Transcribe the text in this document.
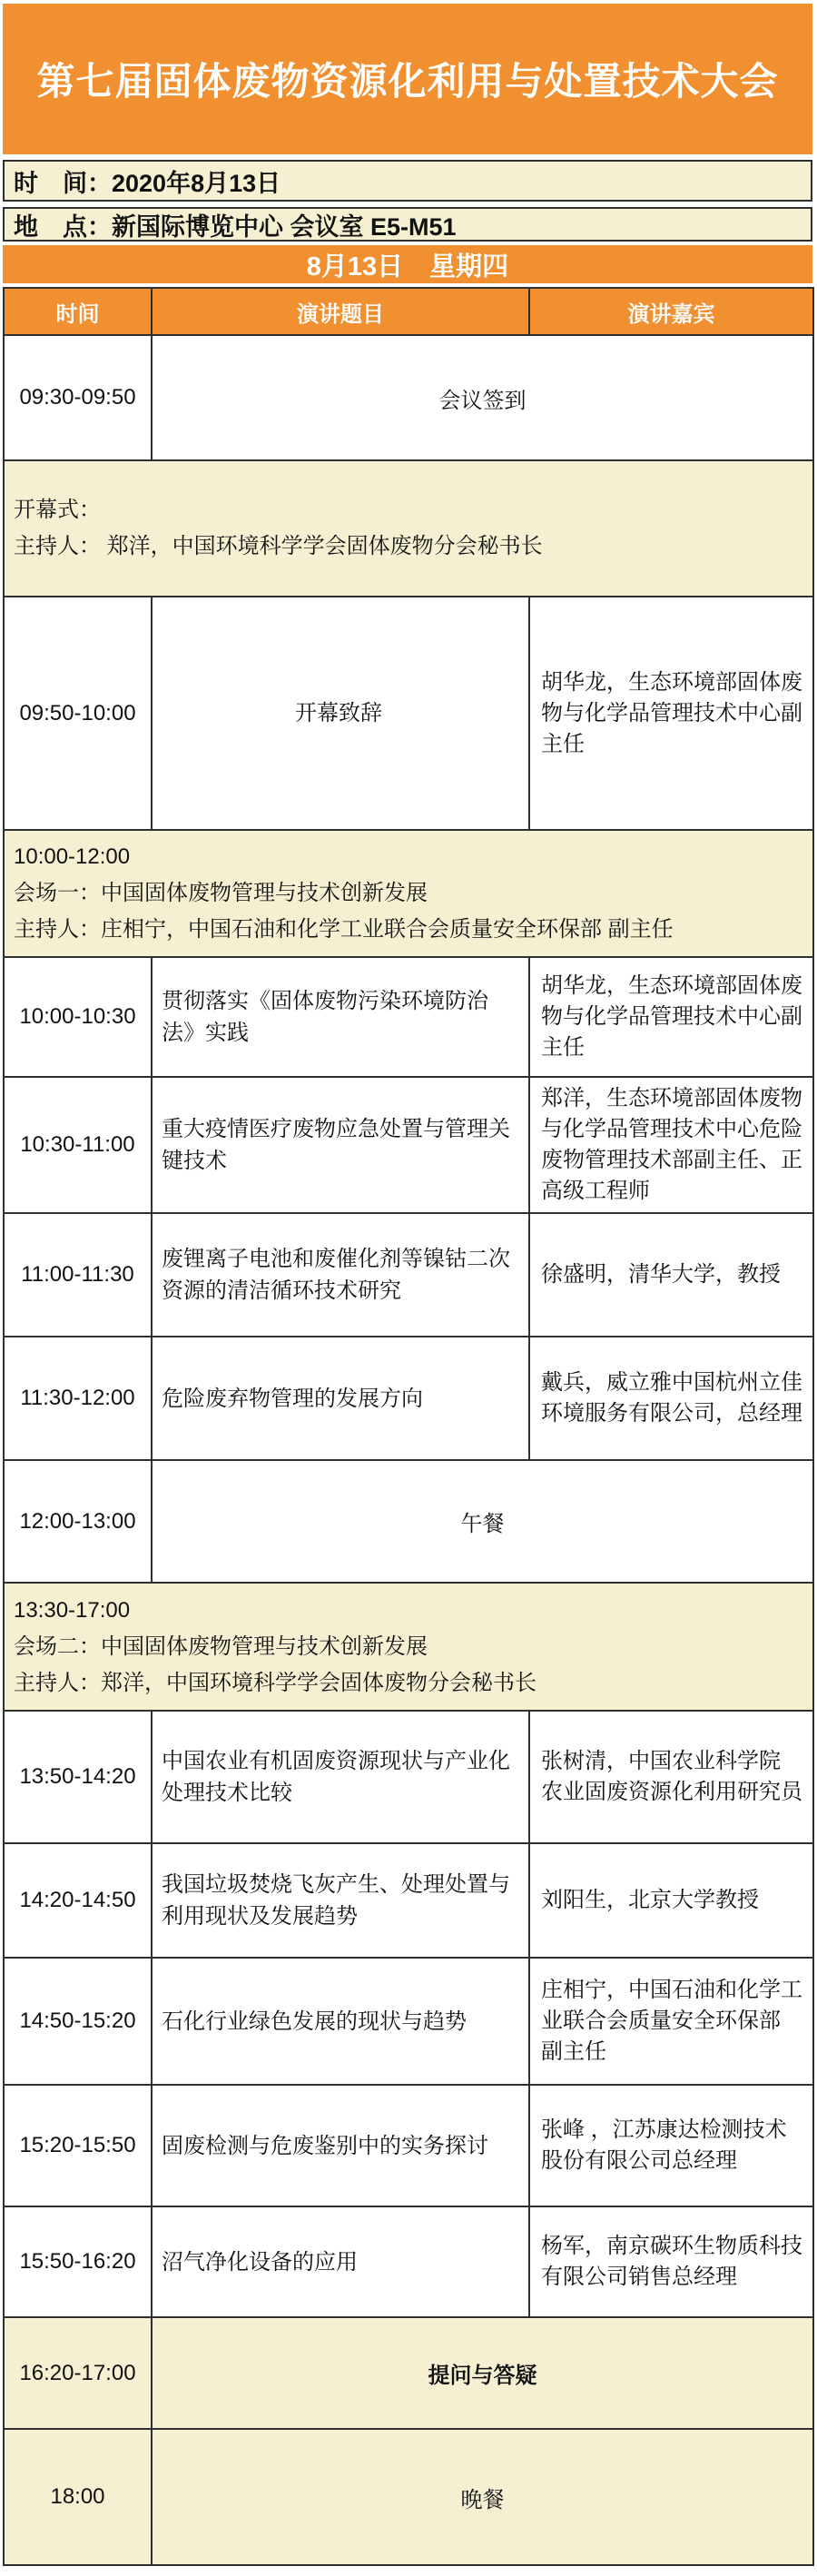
第七届固体废物资源化利用与处置技术大会
时　间：2020年8月13日
地　点：新国际博览中心 会议室 E5-M51
8月13日　星期四
时间	演讲题目	演讲嘉宾
09:30-09:50	会议签到	

开幕式：
主持人： 郑洋，中国环境科学学会固体废物分会秘书长		

09:50-10:00	开幕致辞	胡华龙，生态环境部固体废物与化学品管理技术中心副主任

10:00-12:00
会场一：中国固体废物管理与技术创新发展
主持人：庄相宁，中国石油和化学工业联合会质量安全环保部 副主任		

10:00-10:30	贯彻落实《固体废物污染环境防治法》实践	胡华龙，生态环境部固体废物与化学品管理技术中心副主任
10:30-11:00	重大疫情医疗废物应急处置与管理关键技术	郑洋，生态环境部固体废物与化学品管理技术中心危险废物管理技术部副主任、正高级工程师
11:00-11:30	废锂离子电池和废催化剂等镍钴二次资源的清洁循环技术研究	徐盛明，清华大学，教授
11:30-12:00	危险废弃物管理的发展方向	戴兵，威立雅中国杭州立佳环境服务有限公司，总经理
12:00-13:00	午餐	

13:30-17:00
会场二：中国固体废物管理与技术创新发展
主持人：郑洋，中国环境科学学会固体废物分会秘书长		

13:50-14:20	中国农业有机固废资源现状与产业化处理技术比较	张树清，中国农业科学院 农业固废资源化利用研究员
14:20-14:50	我国垃圾焚烧飞灰产生、处理处置与利用现状及发展趋势	刘阳生，北京大学教授
14:50-15:20	石化行业绿色发展的现状与趋势	庄相宁，中国石油和化学工业联合会质量安全环保部 副主任
15:20-15:50	固废检测与危废鉴别中的实务探讨	张峰 ，江苏康达检测技术股份有限公司总经理
15:50-16:20	沼气净化设备的应用	杨军，南京碳环生物质科技有限公司销售总经理
16:20-17:00	提问与答疑	
18:00	晚餐	
